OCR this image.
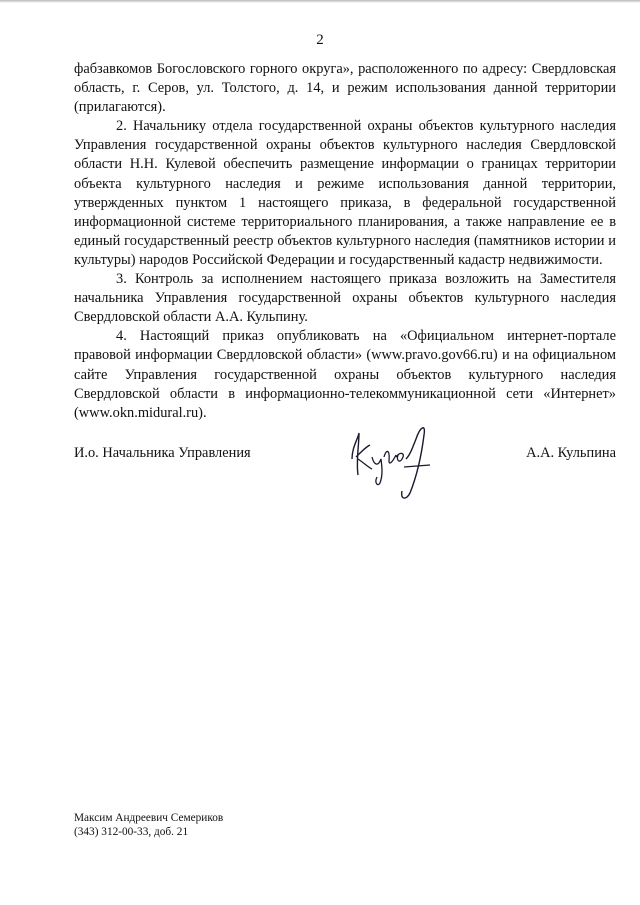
2

фабзавкомов Богословского горного округа», расположенного по адресу: Свердловская область, г. Серов, ул. Толстого, д. 14, и режим использования данной территории (прилагаются).

2. Начальнику отдела государственной охраны объектов культурного наследия Управления государственной охраны объектов культурного наследия Свердловской области Н.Н. Кулевой обеспечить размещение информации о границах территории объекта культурного наследия и режиме использования данной территории, утвержденных пунктом 1 настоящего приказа, в федеральной государственной информационной системе территориального планирования, а также направление ее в единый государственный реестр объектов культурного наследия (памятников истории и культуры) народов Российской Федерации и государственный кадастр недвижимости.

3. Контроль за исполнением настоящего приказа возложить на Заместителя начальника Управления государственной охраны объектов культурного наследия Свердловской области А.А. Кульпину.

4. Настоящий приказ опубликовать на «Официальном интернет-портале правовой информации Свердловской области» (www.pravo.gov66.ru) и на официальном сайте Управления государственной охраны объектов культурного наследия Свердловской области в информационно-телекоммуникационной сети «Интернет» (www.okn.midural.ru).

И.о. Начальника Управления	А.А. Кульпина
Максим Андреевич Семериков
(343) 312-00-33, доб. 21
